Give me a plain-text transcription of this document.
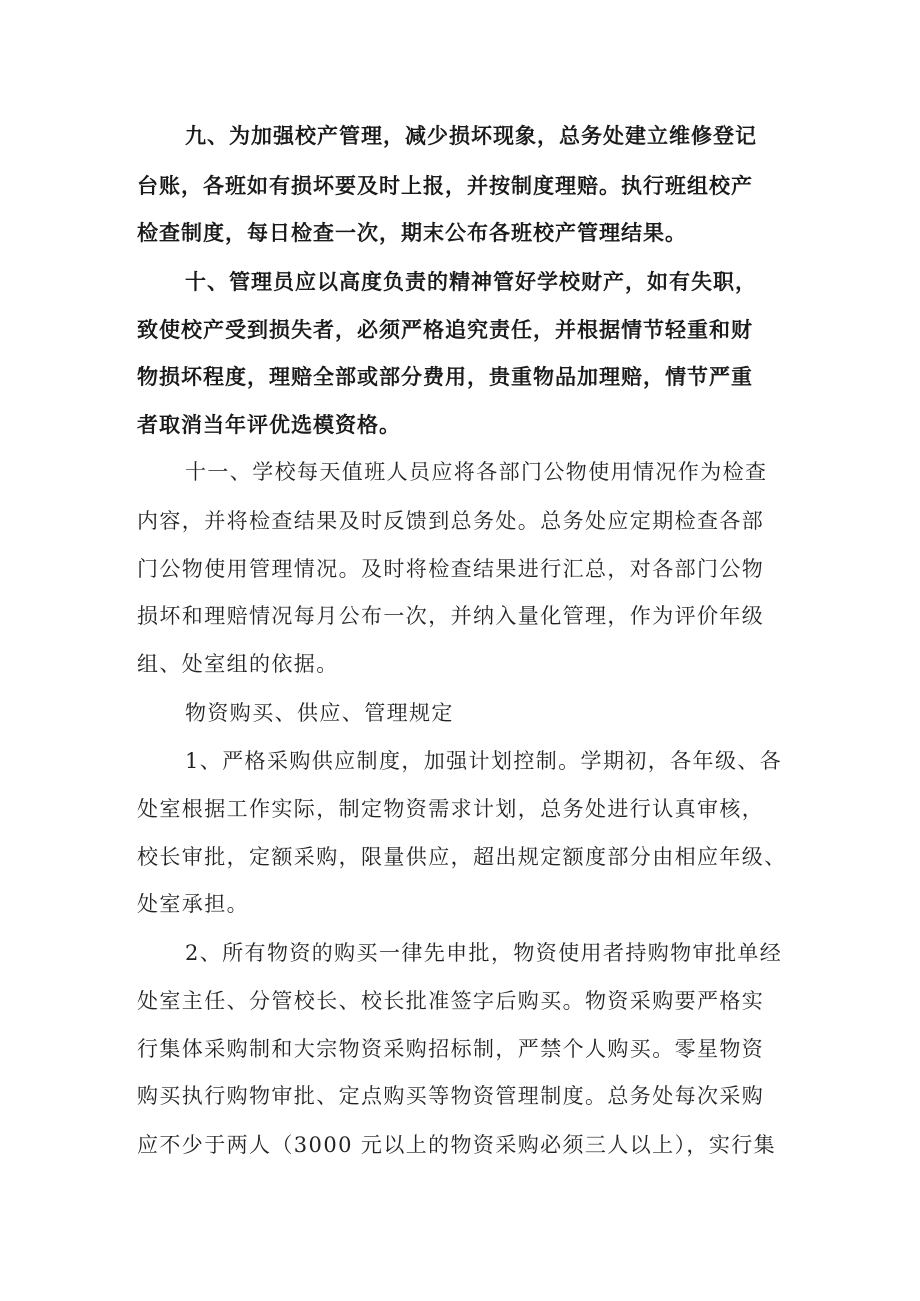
九、为加强校产管理，减少损坏现象，总务处建立维修登记
台账，各班如有损坏要及时上报，并按制度理赔。执行班组校产
检查制度，每日检查一次，期末公布各班校产管理结果。
十、管理员应以高度负责的精神管好学校财产，如有失职，
致使校产受到损失者，必须严格追究责任，并根据情节轻重和财
物损坏程度，理赔全部或部分费用，贵重物品加理赔，情节严重
者取消当年评优选模资格。
十一、学校每天值班人员应将各部门公物使用情况作为检查
内容，并将检查结果及时反馈到总务处。总务处应定期检查各部
门公物使用管理情况。及时将检查结果进行汇总，对各部门公物
损坏和理赔情况每月公布一次，并纳入量化管理，作为评价年级
组、处室组的依据。
物资购买、供应、管理规定
1、严格采购供应制度，加强计划控制。学期初，各年级、各
处室根据工作实际，制定物资需求计划，总务处进行认真审核，
校长审批，定额采购，限量供应，超出规定额度部分由相应年级、
处室承担。
2、所有物资的购买一律先申批，物资使用者持购物审批单经
处室主任、分管校长、校长批准签字后购买。物资采购要严格实
行集体采购制和大宗物资采购招标制，严禁个人购买。零星物资
购买执行购物审批、定点购买等物资管理制度。总务处每次采购
应不少于两人（3000 元以上的物资采购必须三人以上），实行集
